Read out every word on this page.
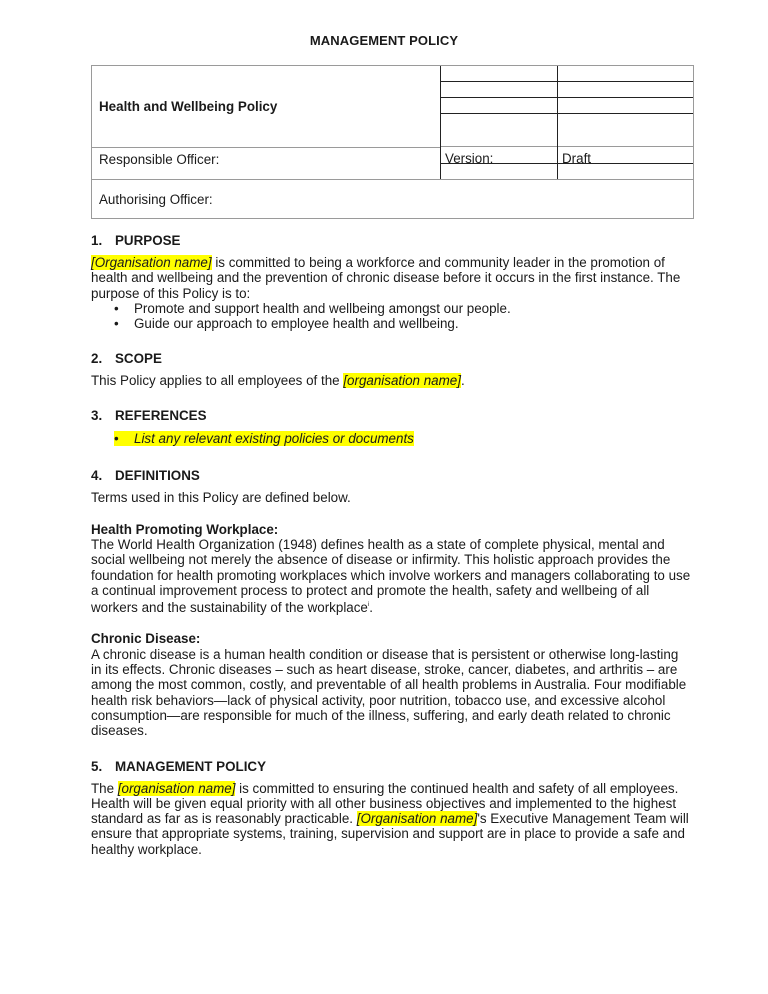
MANAGEMENT POLICY
Health and Wellbeing Policy
Responsible Officer:	Version:	Draft
Authorising Officer:
1. PURPOSE

[Organisation name] is committed to being a workforce and community leader in the promotion of health and wellbeing and the prevention of chronic disease before it occurs in the first instance. The purpose of this Policy is to:

•	Promote and support health and wellbeing amongst our people.
•	Guide our approach to employee health and wellbeing.
2. SCOPE

This Policy applies to all employees of the [organisation name].

3. REFERENCES
•	List any relevant existing policies or documents
4. DEFINITIONS

Terms used in this Policy are defined below.

Health Promoting Workplace:

The World Health Organization (1948) defines health as a state of complete physical, mental and social wellbeing not merely the absence of disease or infirmity. This holistic approach provides the foundation for health promoting workplaces which involve workers and managers collaborating to use a continual improvement process to protect and promote the health, safety and wellbeing of all workers and the sustainability of the workplace$^i$.

Chronic Disease:

A chronic disease is a human health condition or disease that is persistent or otherwise long-lasting in its effects. Chronic diseases – such as heart disease, stroke, cancer, diabetes, and arthritis – are among the most common, costly, and preventable of all health problems in Australia. Four modifiable health risk behaviors—lack of physical activity, poor nutrition, tobacco use, and excessive alcohol consumption—are responsible for much of the illness, suffering, and early death related to chronic diseases.

5. MANAGEMENT POLICY

The [organisation name] is committed to ensuring the continued health and safety of all employees. Health will be given equal priority with all other business objectives and implemented to the highest standard as far as is reasonably practicable. [Organisation name]'s Executive Management Team will ensure that appropriate systems, training, supervision and support are in place to provide a safe and healthy workplace.
